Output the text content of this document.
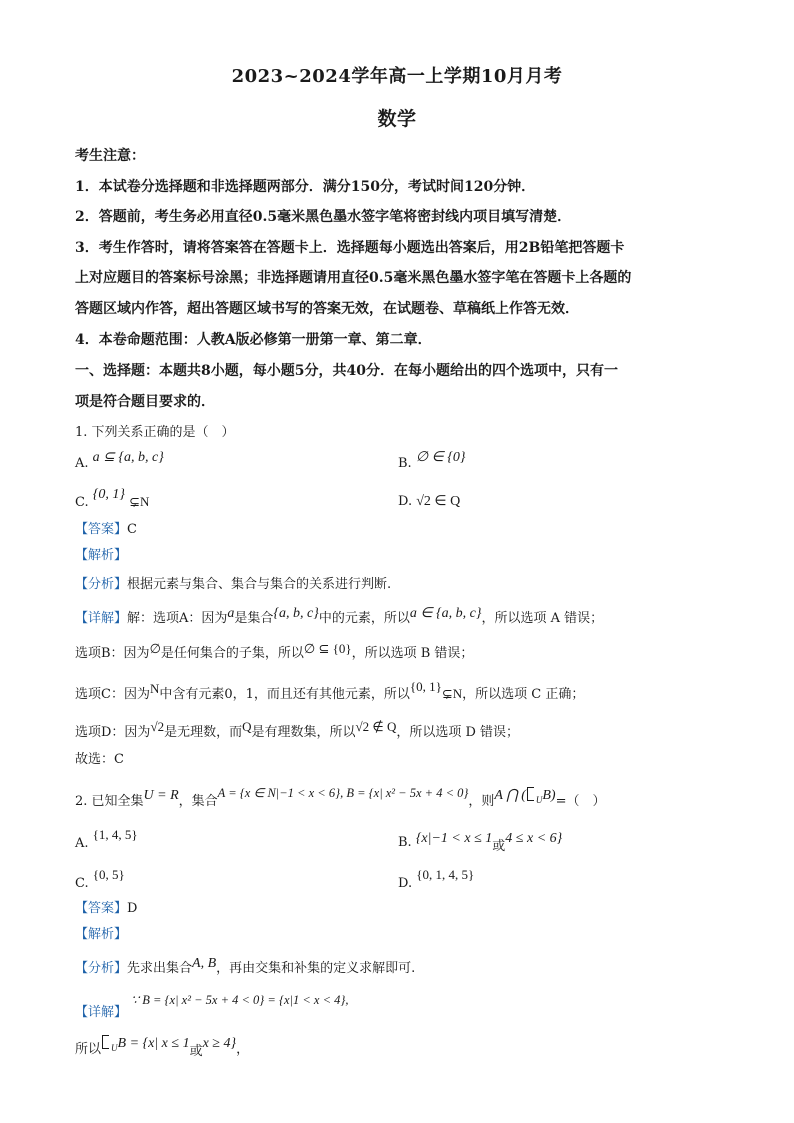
2023~2024学年高一上学期10月月考
数学
考生注意：
1．本试卷分选择题和非选择题两部分．满分150分，考试时间120分钟．
2．答题前，考生务必用直径0.5毫米黑色墨水签字笔将密封线内项目填写清楚．
3．考生作答时，请将答案答在答题卡上．选择题每小题选出答案后，用2B铅笔把答题卡
上对应题目的答案标号涂黑；非选择题请用直径0.5毫米黑色墨水签字笔在答题卡上各题的
答题区域内作答，超出答题区域书写的答案无效，在试题卷、草稿纸上作答无效．
4．本卷命题范围：人教A版必修第一册第一章、第二章．
一、选择题：本题共8小题，每小题5分，共40分．在每小题给出的四个选项中，只有一
项是符合题目要求的．
1. 下列关系正确的是（　）
A. a ⊆ {a, b, c}	B. ∅ ∈ {0}
C. {0, 1} ⊊N	D. √2 ∈ Q
【答案】C
【解析】
【分析】根据元素与集合、集合与集合的关系进行判断.
【详解】解：选项A：因为a是集合{a, b, c}中的元素，所以a ∈ {a, b, c}，所以选项 A 错误；
选项B：因为∅是任何集合的子集，所以∅ ⊆ {0}，所以选项 B 错误；
选项C：因为N中含有元素0，1，而且还有其他元素，所以{0, 1}⊊N，所以选项 C 正确；
选项D：因为√2是无理数，而Q是有理数集，所以√2 ∉ Q，所以选项 D 错误；
故选：C
2. 已知全集U = R，集合A = {x ∈ N|−1 < x < 6}, B = {x| x² − 5x + 4 < 0}，则A ⋂ ( UB)=（　）
A. {1, 4, 5}
B. {x|−1 < x ≤ 1或4 ≤ x < 6}
C. {0, 5}
D. {0, 1, 4, 5}
【答案】D
【解析】
【分析】先求出集合A, B，再由交集和补集的定义求解即可.
【详解】 ∵ B = {x| x² − 5x + 4 < 0} = {x|1 < x < 4},
所以 UB = {x| x ≤ 1或x ≥ 4}，
